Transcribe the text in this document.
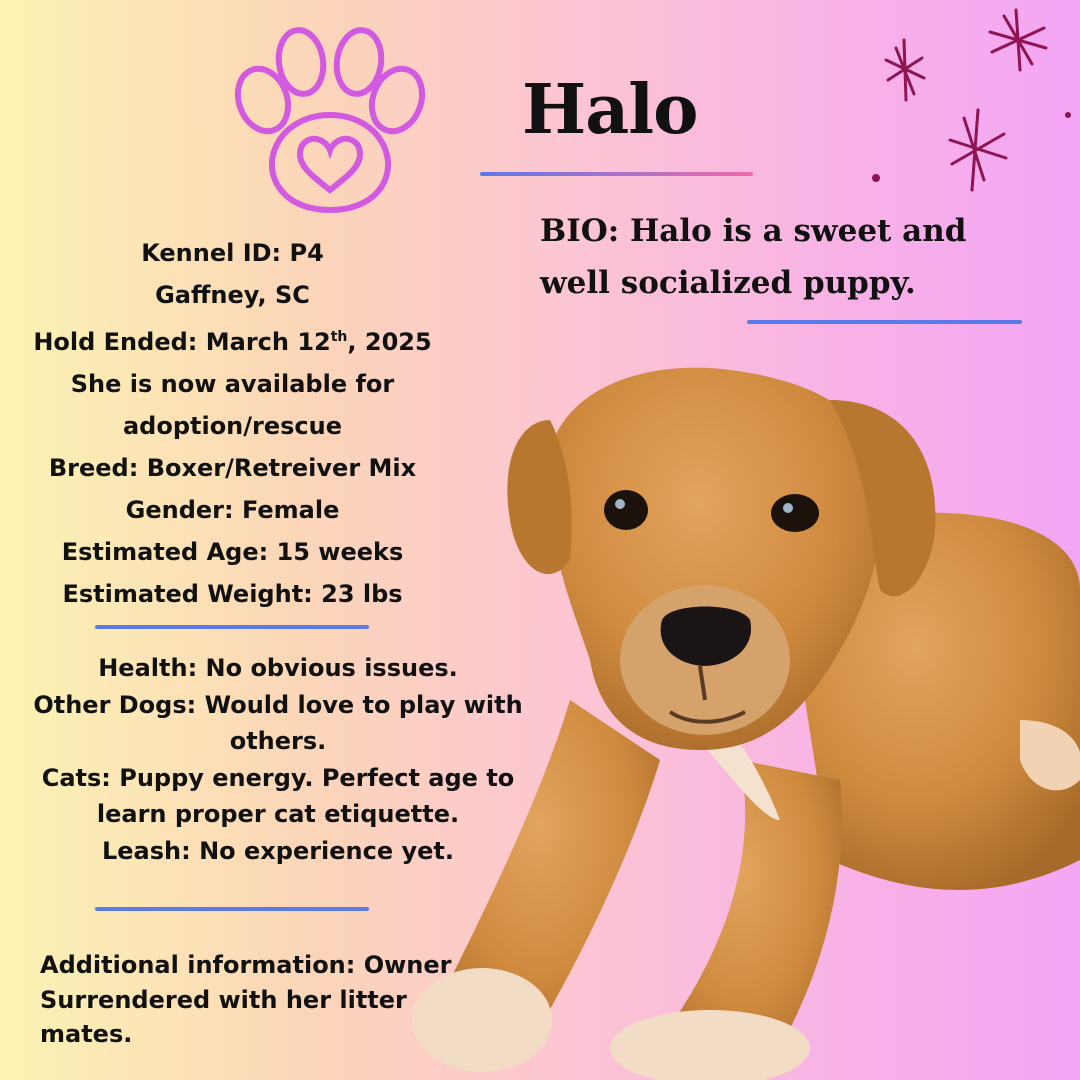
Halo
BIO: Halo is a sweet and
well socialized puppy.
Kennel ID: P4
Gaffney, SC
Hold Ended: March 12th, 2025
She is now available for
adoption/rescue
Breed: Boxer/Retreiver Mix
Gender: Female
Estimated Age: 15 weeks
Estimated Weight: 23 lbs
Health: No obvious issues.
Other Dogs: Would love to play with
others.
Cats: Puppy energy. Perfect age to
learn proper cat etiquette.
Leash: No experience yet.
Additional information: Owner
Surrendered with her litter
mates.
